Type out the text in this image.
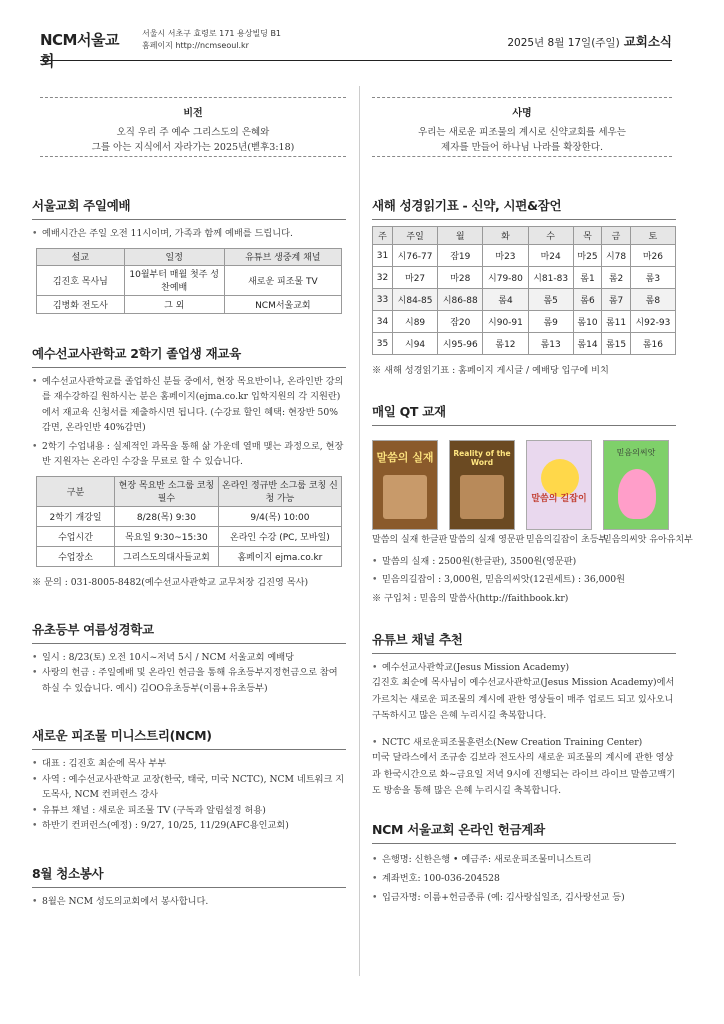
NCM서울교회
서울시 서초구 효령로 171 용상빌딩 B1
홈페이지 http://ncmseoul.kr	2025년 8월 17일(주일) 교회소식
비전
오직 우리 주 예수 그리스도의 은혜와
그를 아는 지식에서 자라가는 2025년(벧후3:18)
사명
우리는 새로운 피조물의 계시로 신약교회를 세우는
제자를 만들어 하나님 나라를 확장한다.
서울교회 주일예배
• 예배시간은 주일 오전 11시이며, 가족과 함께 예배를 드립니다.
설교	일정	유튜브 생중계 채널
김진호 목사님	10월부터 매월 첫주 성찬예배	새로운 피조물 TV
김병화 전도사	그 외	NCM서울교회
예수선교사관학교 2학기 졸업생 재교육
• 예수선교사관학교를 졸업하신 분들 중에서, 현장 목요반이나, 온라인반 강의를 재수강하길 원하시는 분은 홈페이지(ejma.co.kr 입학지원의 각 지원란)에서 재교육 신청서를 제출하시면 됩니다. (수강료 할인 혜택: 현장반 50%감면, 온라인반 40%감면)
• 2학기 수업내용 : 실제적인 과목을 통해 삶 가운데 열매 맺는 과정으로, 현장반 지원자는 온라인 수강을 무료로 할 수 있습니다.
구분	현장 목요반 소그룹 코칭 필수	온라인 정규반 소그룹 코칭 신청 가능
2학기 개강일	8/28(목) 9:30	9/4(목) 10:00
수업시간	목요일 9:30~15:30	온라인 수강 (PC, 모바일)
수업장소	그리스도의대사들교회	홈페이지 ejma.co.kr
※ 문의 : 031-8005-8482(예수선교사관학교 교무처장 김진영 목사)
유초등부 여름성경학교
• 일시 : 8/23(토) 오전 10시~저녁 5시 / NCM 서울교회 예배당
• 사랑의 헌금 : 주일예배 및 온라인 헌금을 통해 유초등부지정헌금으로 참여하실 수 있습니다. 예시) 김OO유초등부(이름+유초등부)
새로운 피조물 미니스트리(NCM)
• 대표 : 김진호 최순에 목사 부부
• 사역 : 예수선교사관학교 교장(한국, 태국, 미국 NCTC), NCM 네트워크 지도목사, NCM 컨퍼런스 강사
• 유튜브 채널 : 새로운 피조물 TV (구독과 알림설정 허용)
• 하반기 컨퍼런스(예정) : 9/27, 10/25, 11/29(AFC용인교회)
8월 청소봉사
• 8월은 NCM 성도의교회에서 봉사합니다.
새해 성경읽기표 - 신약, 시편&잠언
주	주일	월	화	수	목	금	토
31	시76-77	잠19	마23	마24	마25	시78	마26
32	마27	마28	시79-80	시81-83	롬1	롬2	롬3
33	시84-85	시86-88	롬4	롬5	롬6	롬7	롬8
34	시89	잠20	시90-91	롬9	롬10	롬11	시92-93
35	시94	시95-96	롬12	롬13	롬14	롬15	롬16
※ 새해 성경읽기표 : 홈페이지 게시글 / 예배당 입구에 비치
매일 QT 교재
말씀의 실재
말씀의 실재 한글판
Reality of the Word
말씀의 실재 영문판
말씀의 길잡이
믿음의길잡이 초등부
믿음의씨앗
믿음의씨앗 유아유치부
• 말씀의 실재 : 2500원(한글판), 3500원(영문판)
• 믿음의길잡이 : 3,000원, 믿음의씨앗(12권세트) : 36,000원
※ 구입처 : 믿음의 말씀사(http://faithbook.kr)
유튜브 채널 추천
• 예수선교사관학교(Jesus Mission Academy)
김진호 최순에 목사님이 예수선교사관학교(Jesus Mission Academy)에서 가르치는 새로운 피조물의 계시에 관한 영상들이 매주 업로드 되고 있사오니 구독하시고 많은 은혜 누리시길 축복합니다.
• NCTC 새로운피조물훈련소(New Creation Training Center)
미국 달라스에서 조규송 김보라 전도사의 새로운 피조물의 계시에 관한 영상과 한국시간으로 화~금요일 저녁 9시에 진행되는 라이브 라이브 말씀고백기도 방송을 통해 많은 은혜 누리시길 축복합니다.
NCM 서울교회 온라인 헌금계좌
• 은행명: 신한은행 • 예금주: 새로운피조물미니스트리
• 계좌번호: 100-036-204528
• 입금자명: 이름+헌금종류 (예: 김사랑십일조, 김사랑선교 등)
